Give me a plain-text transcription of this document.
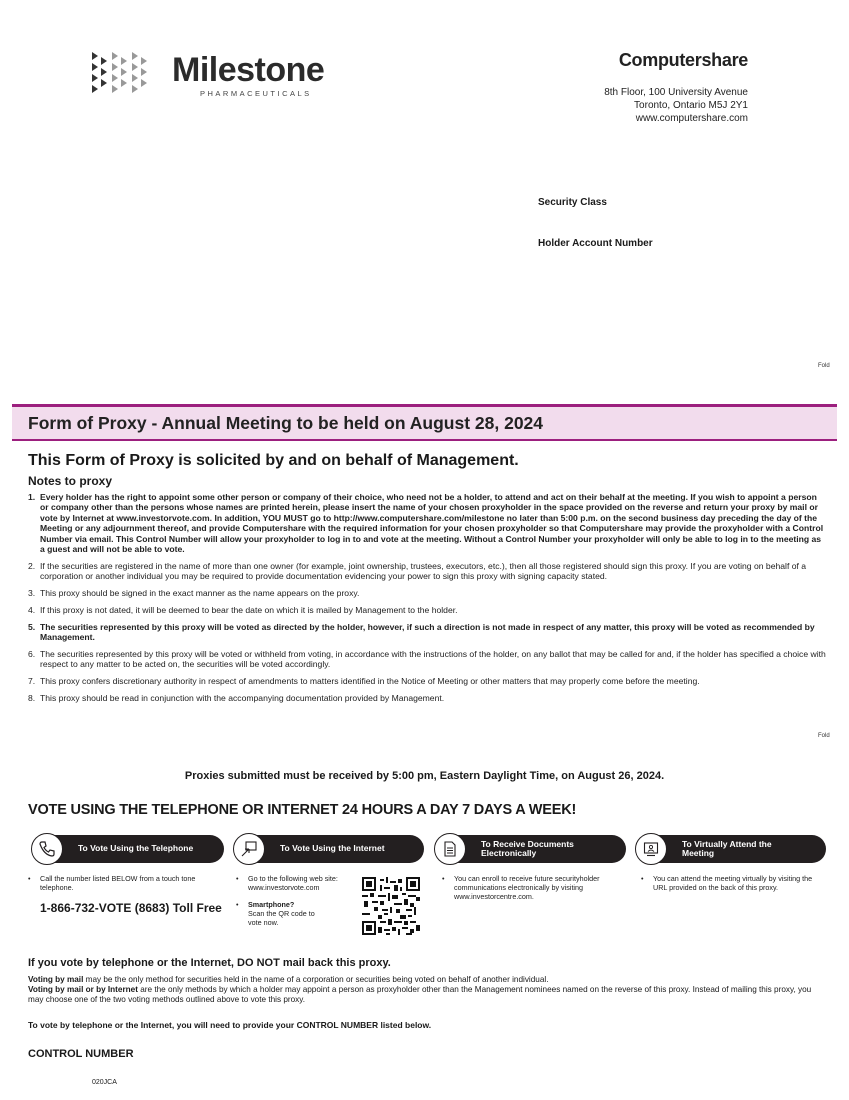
Milestone
PHARMACEUTICALS
Computershare
8th Floor, 100 University Avenue
Toronto, Ontario M5J 2Y1
www.computershare.com
Security Class
Holder Account Number
Fold
Fold
Form of Proxy - Annual Meeting to be held on August 28, 2024
This Form of Proxy is solicited by and on behalf of Management.
Notes to proxy
1. Every holder has the right to appoint some other person or company of their choice, who need not be a holder, to attend and act on their behalf at the meeting. If you wish to appoint a person or company other than the persons whose names are printed herein, please insert the name of your chosen proxyholder in the space provided on the reverse and return your proxy by mail or vote by Internet at www.investorvote.com. In addition, YOU MUST go to http://www.computershare.com/milestone no later than 5:00 p.m. on the second business day preceding the day of the Meeting or any adjournment thereof, and provide Computershare with the required information for your chosen proxyholder so that Computershare may provide the proxyholder with a Control Number via email. This Control Number will allow your proxyholder to log in to and vote at the meeting. Without a Control Number your proxyholder will only be able to log in to the meeting as a guest and will not be able to vote.
2. If the securities are registered in the name of more than one owner (for example, joint ownership, trustees, executors, etc.), then all those registered should sign this proxy. If you are voting on behalf of a corporation or another individual you may be required to provide documentation evidencing your power to sign this proxy with signing capacity stated.
3. This proxy should be signed in the exact manner as the name appears on the proxy.
4. If this proxy is not dated, it will be deemed to bear the date on which it is mailed by Management to the holder.
5. The securities represented by this proxy will be voted as directed by the holder, however, if such a direction is not made in respect of any matter, this proxy will be voted as recommended by Management.
6. The securities represented by this proxy will be voted or withheld from voting, in accordance with the instructions of the holder, on any ballot that may be called for and, if the holder has specified a choice with respect to any matter to be acted on, the securities will be voted accordingly.
7. This proxy confers discretionary authority in respect of amendments to matters identified in the Notice of Meeting or other matters that may properly come before the meeting.
8. This proxy should be read in conjunction with the accompanying documentation provided by Management.
Proxies submitted must be received by 5:00 pm, Eastern Daylight Time, on August 26, 2024.
VOTE USING THE TELEPHONE OR INTERNET 24 HOURS A DAY 7 DAYS A WEEK!
To Vote Using the Telephone
• Call the number listed BELOW from a touch tone telephone.
1-866-732-VOTE (8683) Toll Free
To Vote Using the Internet
• Go to the following web site: www.investorvote.com
• Smartphone?
Scan the QR code to vote now.
To Receive Documents Electronically
• You can enroll to receive future securityholder communications electronically by visiting www.investorcentre.com.
To Virtually Attend the Meeting
• You can attend the meeting virtually by visiting the URL provided on the back of this proxy.
If you vote by telephone or the Internet, DO NOT mail back this proxy.
Voting by mail may be the only method for securities held in the name of a corporation or securities being voted on behalf of another individual.
Voting by mail or by Internet are the only methods by which a holder may appoint a person as proxyholder other than the Management nominees named on the reverse of this proxy. Instead of mailing this proxy, you may choose one of the two voting methods outlined above to vote this proxy.
To vote by telephone or the Internet, you will need to provide your CONTROL NUMBER listed below.
CONTROL NUMBER
020JCA
